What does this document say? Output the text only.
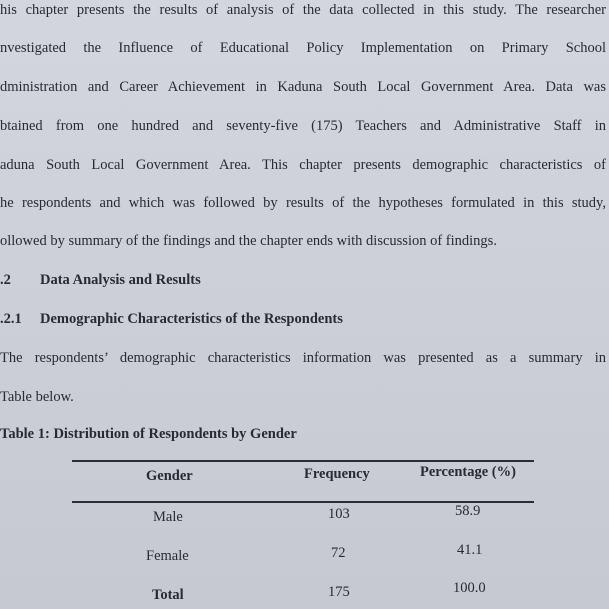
his chapter presents the results of analysis of the data collected in this study. The researcher
nvestigated the Influence of Educational Policy Implementation on Primary School
dministration and Career Achievement in Kaduna South Local Government Area. Data was
btained from one hundred and seventy-five (175) Teachers and Administrative Staff in
aduna South Local Government Area. This chapter presents demographic characteristics of
he respondents and which was followed by results of the hypotheses formulated in this study,
ollowed by summary of the findings and the chapter ends with discussion of findings.
.2 Data Analysis and Results
.2.1 Demographic Characteristics of the Respondents
The respondents’ demographic characteristics information was presented as a summary in
Table below.
Table 1: Distribution of Respondents by Gender
Gender	Frequency	Percentage (%)
Male	103	58.9
Female	72	41.1
Total	175	100.0
